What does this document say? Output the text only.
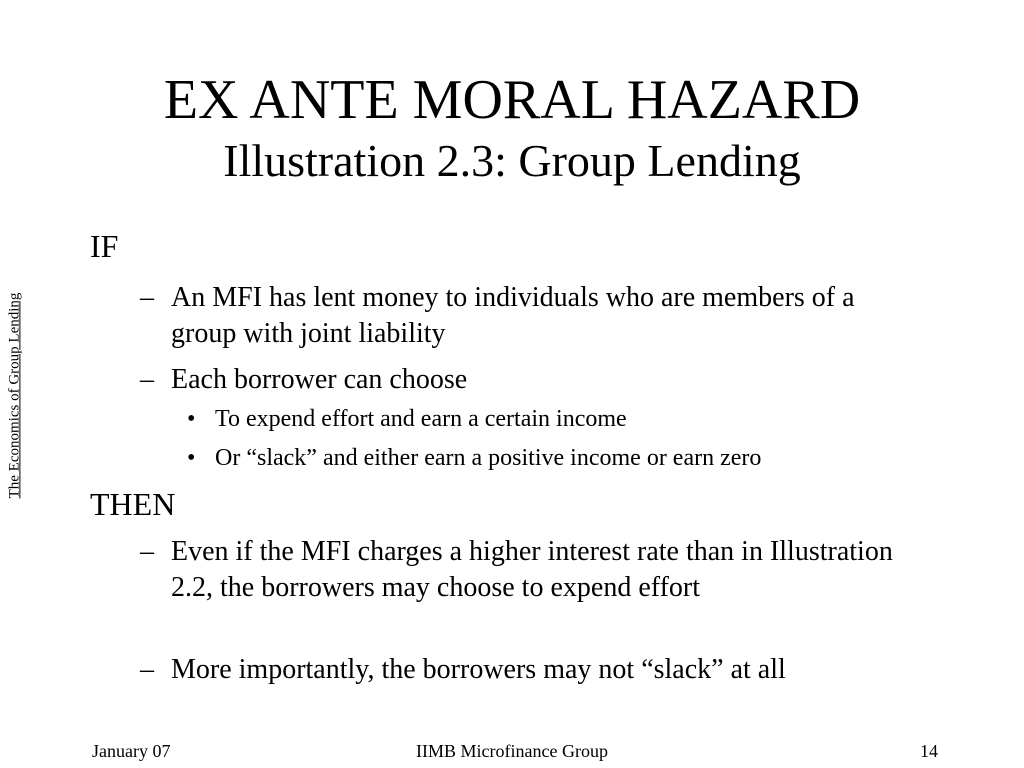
EX ANTE MORAL HAZARD
Illustration 2.3: Group Lending
The Economics of Group Lending
IF
– An MFI has lent money to individuals who are members of a group with joint liability
– Each borrower can choose
• To expend effort and earn a certain income
• Or “slack” and either earn a positive income or earn zero
THEN
– Even if the MFI charges a higher interest rate than in Illustration 2.2, the borrowers may choose to expend effort
– More importantly, the borrowers may not “slack” at all
January 07	IIMB Microfinance Group	14
